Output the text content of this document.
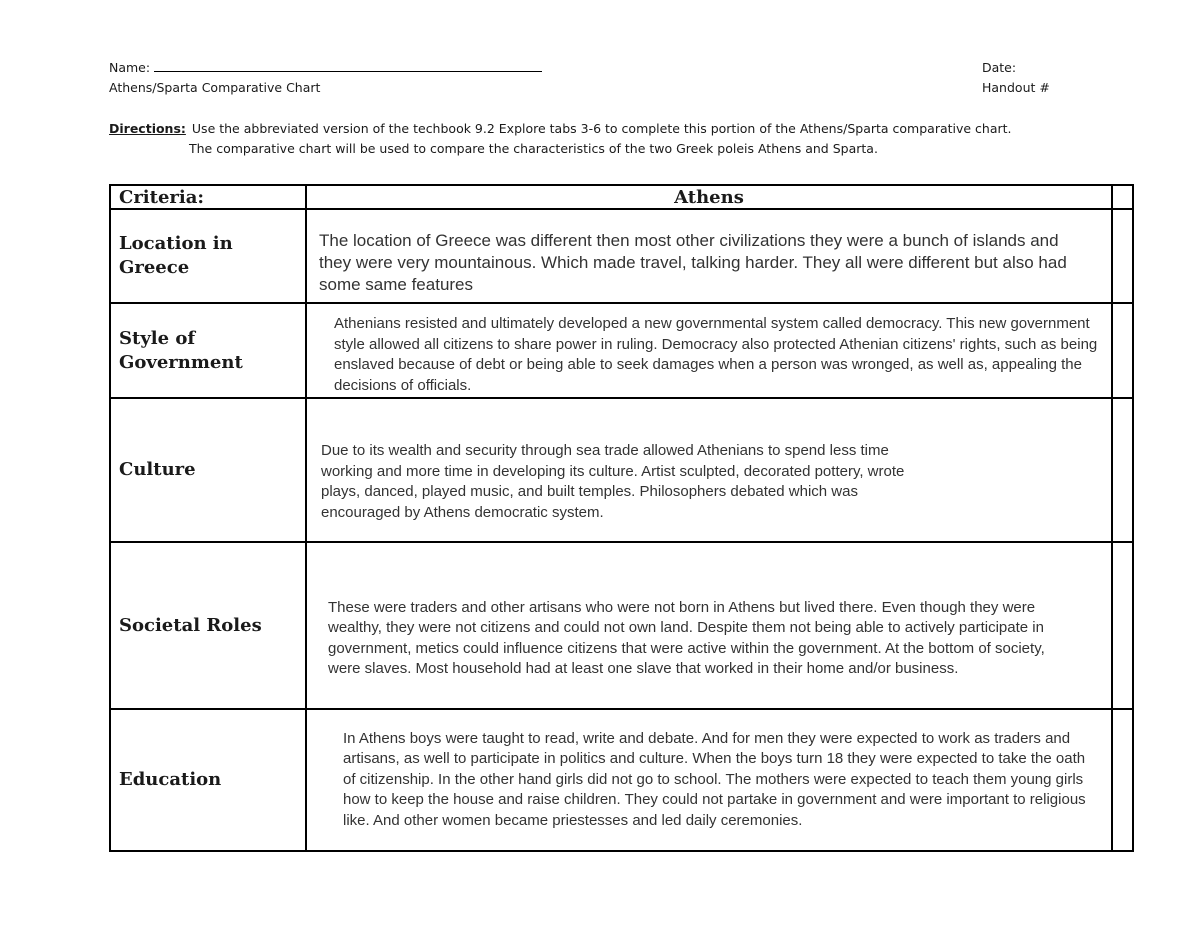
Name:
Athens/Sparta Comparative Chart
Date:
Handout #
Directions: Use the abbreviated version of the techbook 9.2 Explore tabs 3-6 to complete this portion of the Athens/Sparta comparative chart.
The comparative chart will be used to compare the characteristics of the two Greek poleis Athens and Sparta.
Criteria:	Athens	
Location in Greece	The location of Greece was different then most other civilizations they were a bunch of islands and they were very mountainous. Which made travel, talking harder. They all were different but also had some same features	

Style of Government	Athenians resisted and ultimately developed a new governmental system called democracy. This new government style allowed all citizens to share power in ruling. Democracy also protected Athenian citizens' rights, such as being enslaved because of debt or being able to seek damages when a person was wronged, as well as, appealing the decisions of officials.	

Culture	Due to its wealth and security through sea trade allowed Athenians to spend less time working and more time in developing its culture. Artist sculpted, decorated pottery, wrote plays, danced, played music, and built temples. Philosophers debated which was encouraged by Athens democratic system.	

Societal Roles	These were traders and other artisans who were not born in Athens but lived there. Even though they were wealthy, they were not citizens and could not own land. Despite them not being able to actively participate in government, metics could influence citizens that were active within the government. At the bottom of society, were slaves. Most household had at least one slave that worked in their home and/or business.	

Education	In Athens boys were taught to read, write and debate. And for men they were expected to work as traders and artisans, as well to participate in politics and culture. When the boys turn 18 they were expected to take the oath of citizenship. In the other hand girls did not go to school. The mothers were expected to teach them young girls how to keep the house and raise children. They could not partake in government and were important to religious like. And other women became priestesses and led daily ceremonies.	
